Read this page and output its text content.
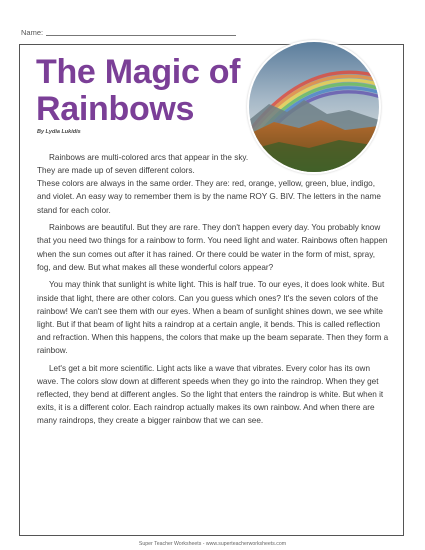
Name:
The Magic of
Rainbows
By Lydia Lukidis

Rainbows are multi-colored arcs that appear in the sky. They are made up of seven different colors.

These colors are always in the same order. They are: red, orange, yellow, green, blue, indigo, and violet. An easy way to remember them is by the name ROY G. BIV. The letters in the name stand for each color.

Rainbows are beautiful. But they are rare. They don't happen every day. You probably know that you need two things for a rainbow to form. You need light and water. Rainbows often happen when the sun comes out after it has rained. Or there could be water in the form of mist, spray, fog, and dew. But what makes all these wonderful colors appear?

You may think that sunlight is white light. This is half true. To our eyes, it does look white. But inside that light, there are other colors. Can you guess which ones? It's the seven colors of the rainbow! We can't see them with our eyes. When a beam of sunlight shines down, we see white light. But if that beam of light hits a raindrop at a certain angle, it bends. This is called reflection and refraction. When this happens, the colors that make up the beam separate. Then they form a rainbow.

Let's get a bit more scientific. Light acts like a wave that vibrates. Every color has its own wave. The colors slow down at different speeds when they go into the raindrop. When they get reflected, they bend at different angles. So the light that enters the raindrop is white. But when it exits, it is a different color. Each raindrop actually makes its own rainbow. And when there are many raindrops, they create a bigger rainbow that we can see.

Super Teacher Worksheets - www.superteacherworksheets.com
